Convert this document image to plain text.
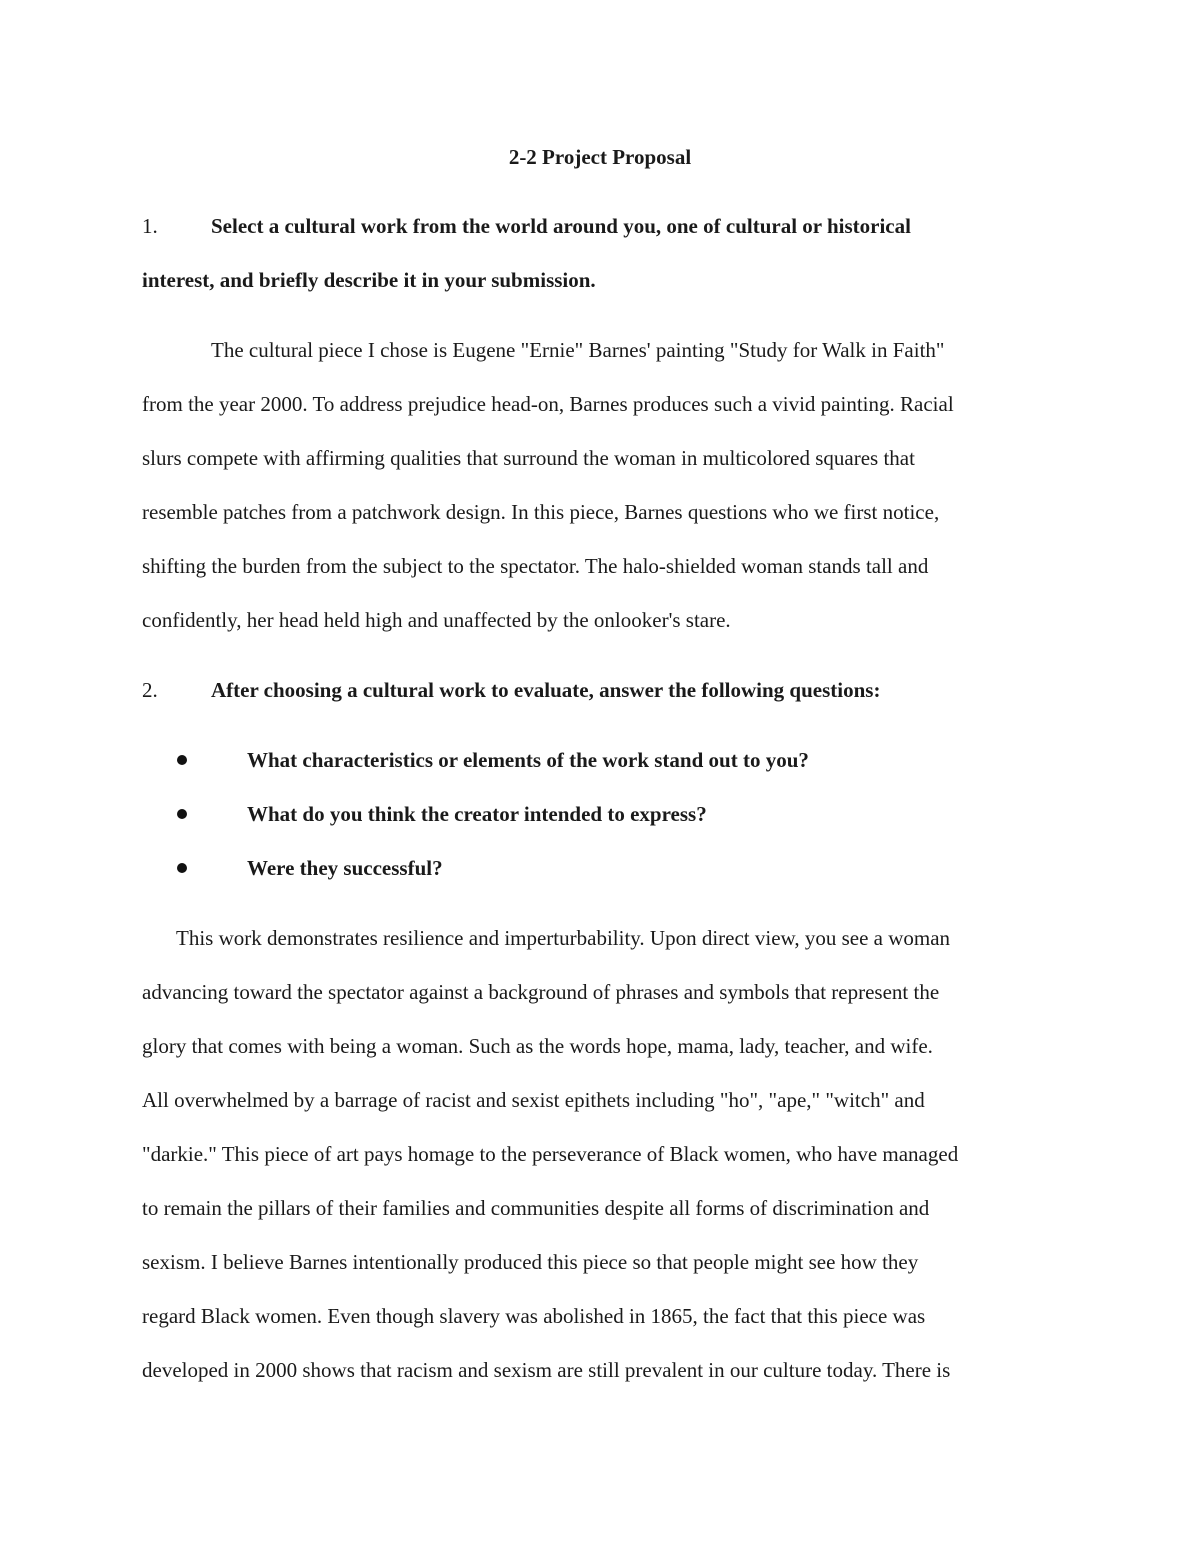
2-2 Project Proposal

1.	Select a cultural work from the world around you, one of cultural or historical

interest, and briefly describe it in your submission.

The cultural piece I chose is Eugene "Ernie" Barnes' painting "Study for Walk in Faith"

from the year 2000. To address prejudice head-on, Barnes produces such a vivid painting. Racial

slurs compete with affirming qualities that surround the woman in multicolored squares that

resemble patches from a patchwork design. In this piece, Barnes questions who we first notice,

shifting the burden from the subject to the spectator. The halo-shielded woman stands tall and

confidently, her head held high and unaffected by the onlooker's stare.

2.	After choosing a cultural work to evaluate, answer the following questions:

What characteristics or elements of the work stand out to you?
What do you think the creator intended to express?
Were they successful?

This work demonstrates resilience and imperturbability. Upon direct view, you see a woman

advancing toward the spectator against a background of phrases and symbols that represent the

glory that comes with being a woman. Such as the words hope, mama, lady, teacher, and wife.

All overwhelmed by a barrage of racist and sexist epithets including "ho", "ape," "witch" and

"darkie." This piece of art pays homage to the perseverance of Black women, who have managed

to remain the pillars of their families and communities despite all forms of discrimination and

sexism. I believe Barnes intentionally produced this piece so that people might see how they

regard Black women. Even though slavery was abolished in 1865, the fact that this piece was

developed in 2000 shows that racism and sexism are still prevalent in our culture today. There is
